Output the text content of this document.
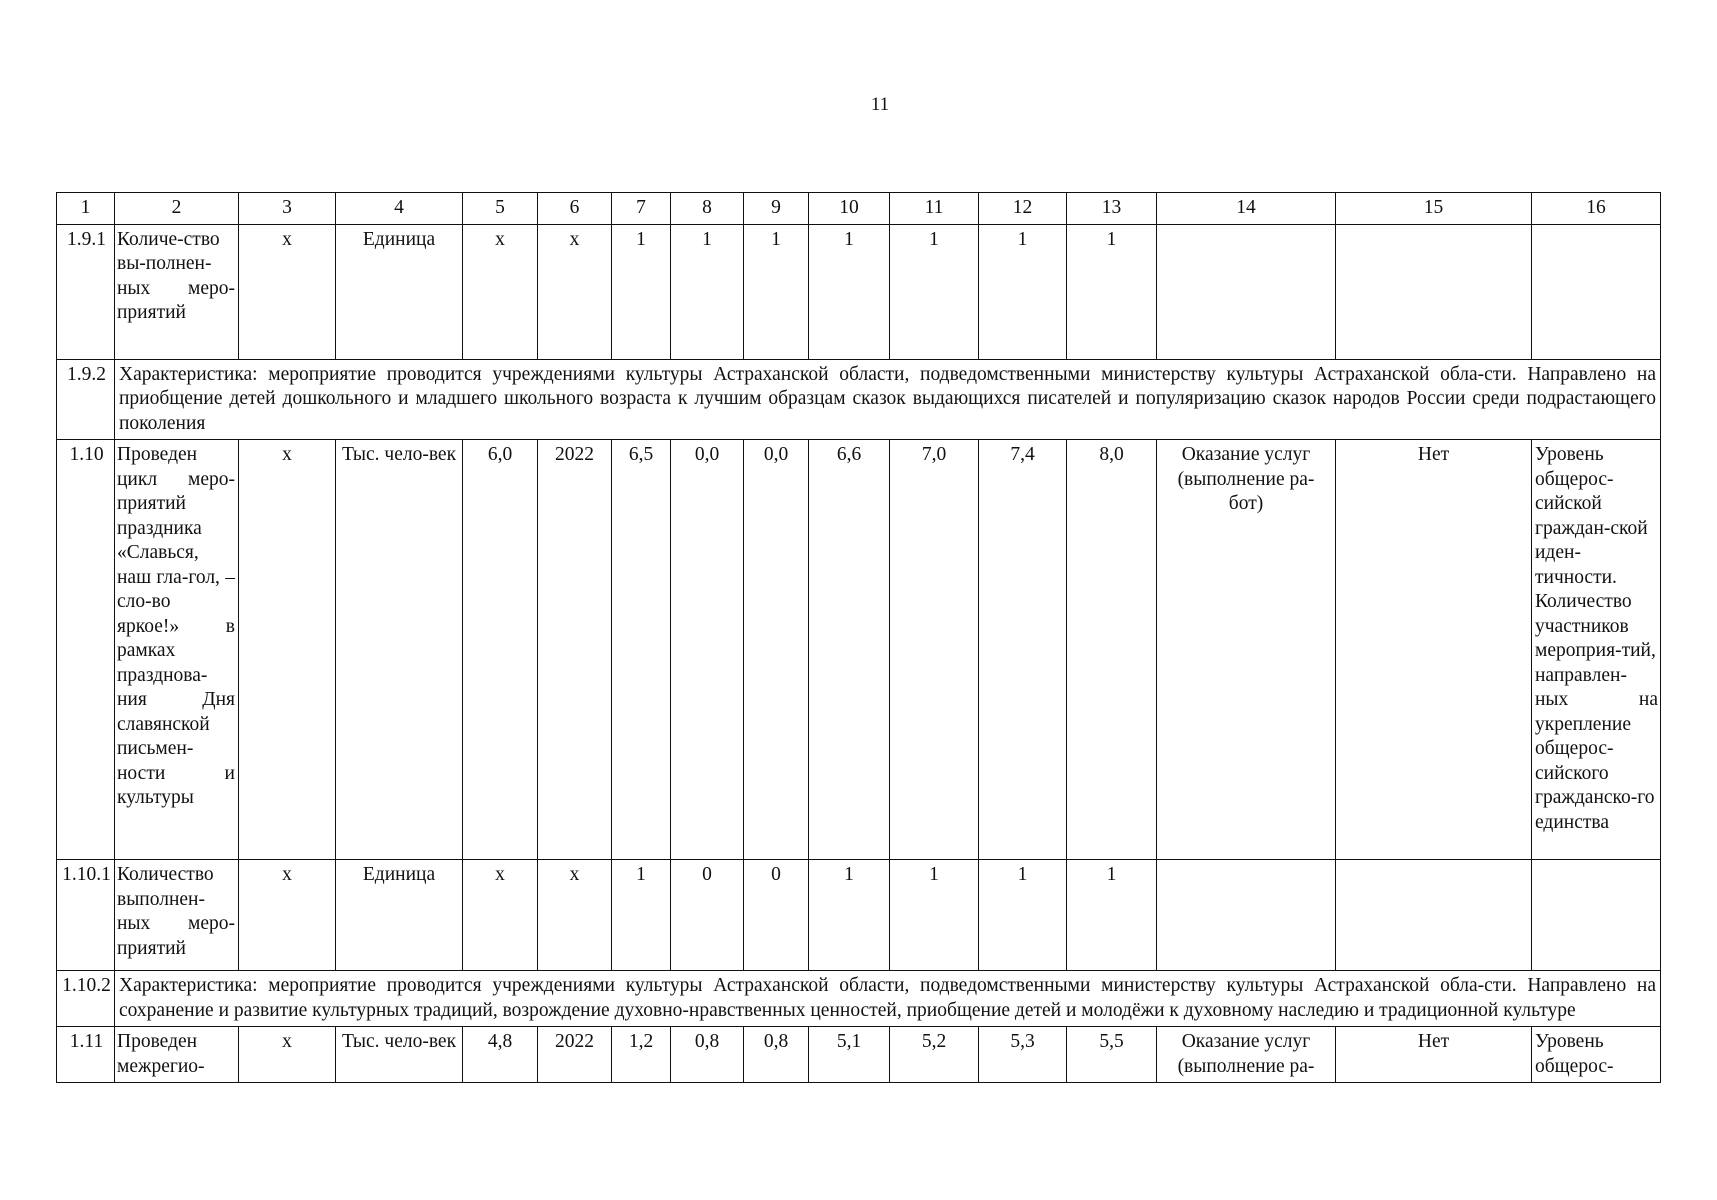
11
1	2	3	4	5	6	7	8	9	10	11	12	13	14	15	16
1.9.1	Количе-ство вы-полнен-ных меро-приятий	х	Единица	х	х	1	1	1	1	1	1	1			
1.9.2	Характеристика: мероприятие проводится учреждениями культуры Астраханской области, подведомственными министерству культуры Астраханской обла-сти. Направлено на приобщение детей дошкольного и младшего школьного возраста к лучшим образцам сказок выдающихся писателей и популяризацию сказок народов России среди подрастающего поколения														
1.10	Проведен цикл меро-приятий праздника «Славься, наш гла-гол, – сло-во яркое!» в рамках празднова-ния Дня славянской письмен-ности и культуры	х	Тыс. чело-век	6,0	2022	6,5	0,0	0,0	6,6	7,0	7,4	8,0	Оказание услуг (выполнение ра-бот)	Нет	Уровень общерос-сийской граждан-ской иден-тичности. Количество участников мероприя-тий, направлен-ных на укрепление общерос-сийского гражданско-го единства
1.10.1	Количество выполнен-ных меро-приятий	х	Единица	х	х	1	0	0	1	1	1	1			
1.10.2	Характеристика: мероприятие проводится учреждениями культуры Астраханской области, подведомственными министерству культуры Астраханской обла-сти. Направлено на сохранение и развитие культурных традиций, возрождение духовно-нравственных ценностей, приобщение детей и молодёжи к духовному наследию и традиционной культуре														
1.11	Проведен межрегио-	х	Тыс. чело-век	4,8	2022	1,2	0,8	0,8	5,1	5,2	5,3	5,5	Оказание услуг (выполнение ра-	Нет	Уровень общерос-
